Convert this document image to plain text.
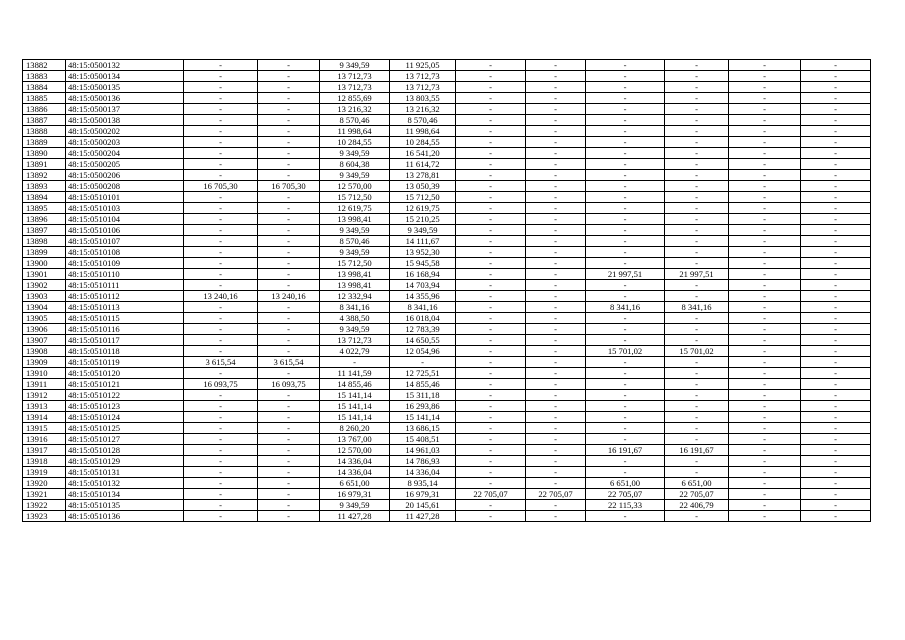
13882	48:15:0500132	-	-	9 349,59	11 925,05	-	-	-	-	-	-
13883	48:15:0500134	-	-	13 712,73	13 712,73	-	-	-	-	-	-
13884	48:15:0500135	-	-	13 712,73	13 712,73	-	-	-	-	-	-
13885	48:15:0500136	-	-	12 855,69	13 803,55	-	-	-	-	-	-
13886	48:15:0500137	-	-	13 216,32	13 216,32	-	-	-	-	-	-
13887	48:15:0500138	-	-	8 570,46	8 570,46	-	-	-	-	-	-
13888	48:15:0500202	-	-	11 998,64	11 998,64	-	-	-	-	-	-
13889	48:15:0500203	-	-	10 284,55	10 284,55	-	-	-	-	-	-
13890	48:15:0500204	-	-	9 349,59	16 541,20	-	-	-	-	-	-
13891	48:15:0500205	-	-	8 604,38	11 614,72	-	-	-	-	-	-
13892	48:15:0500206	-	-	9 349,59	13 278,81	-	-	-	-	-	-
13893	48:15:0500208	16 705,30	16 705,30	12 570,00	13 050,39	-	-	-	-	-	-
13894	48:15:0510101	-	-	15 712,50	15 712,50	-	-	-	-	-	-
13895	48:15:0510103	-	-	12 619,75	12 619,75	-	-	-	-	-	-
13896	48:15:0510104	-	-	13 998,41	15 210,25	-	-	-	-	-	-
13897	48:15:0510106	-	-	9 349,59	9 349,59	-	-	-	-	-	-
13898	48:15:0510107	-	-	8 570,46	14 111,67	-	-	-	-	-	-
13899	48:15:0510108	-	-	9 349,59	13 952,30	-	-	-	-	-	-
13900	48:15:0510109	-	-	15 712,50	15 945,58	-	-	-	-	-	-
13901	48:15:0510110	-	-	13 998,41	16 168,94	-	-	21 997,51	21 997,51	-	-
13902	48:15:0510111	-	-	13 998,41	14 703,94	-	-	-	-	-	-
13903	48:15:0510112	13 240,16	13 240,16	12 332,94	14 355,96	-	-	-	-	-	-
13904	48:15:0510113	-	-	8 341,16	8 341,16	-	-	8 341,16	8 341,16	-	-
13905	48:15:0510115	-	-	4 388,50	16 018,04	-	-	-	-	-	-
13906	48:15:0510116	-	-	9 349,59	12 783,39	-	-	-	-	-	-
13907	48:15:0510117	-	-	13 712,73	14 650,55	-	-	-	-	-	-
13908	48:15:0510118	-	-	4 022,79	12 054,96	-	-	15 701,02	15 701,02	-	-
13909	48:15:0510119	3 615,54	3 615,54	-	-	-	-	-	-	-	-
13910	48:15:0510120	-	-	11 141,59	12 725,51	-	-	-	-	-	-
13911	48:15:0510121	16 093,75	16 093,75	14 855,46	14 855,46	-	-	-	-	-	-
13912	48:15:0510122	-	-	15 141,14	15 311,18	-	-	-	-	-	-
13913	48:15:0510123	-	-	15 141,14	16 293,86	-	-	-	-	-	-
13914	48:15:0510124	-	-	15 141,14	15 141,14	-	-	-	-	-	-
13915	48:15:0510125	-	-	8 260,20	13 686,15	-	-	-	-	-	-
13916	48:15:0510127	-	-	13 767,00	15 408,51	-	-	-	-	-	-
13917	48:15:0510128	-	-	12 570,00	14 961,03	-	-	16 191,67	16 191,67	-	-
13918	48:15:0510129	-	-	14 336,04	14 786,93	-	-	-	-	-	-
13919	48:15:0510131	-	-	14 336,04	14 336,04	-	-	-	-	-	-
13920	48:15:0510132	-	-	6 651,00	8 935,14	-	-	6 651,00	6 651,00	-	-
13921	48:15:0510134	-	-	16 979,31	16 979,31	22 705,07	22 705,07	22 705,07	22 705,07	-	-
13922	48:15:0510135	-	-	9 349,59	20 145,61	-	-	22 115,33	22 406,79	-	-
13923	48:15:0510136	-	-	11 427,28	11 427,28	-	-	-	-	-	-
